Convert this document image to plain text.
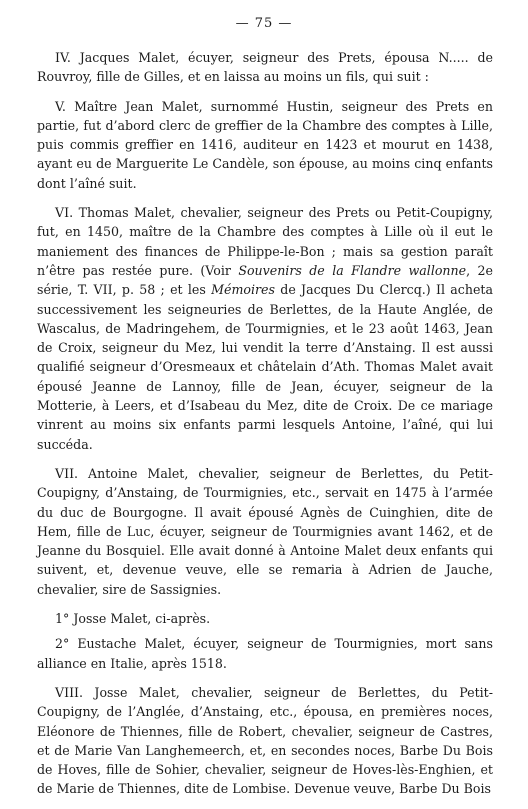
— 75 —

IV. Jacques Malet, écuyer, seigneur des Prets, épousa N..... de Rouvroy, fille de Gilles, et en laissa au moins un fils, qui suit :

V. Maître Jean Malet, surnommé Hustin, seigneur des Prets en partie, fut d’abord clerc de greffier de la Chambre des comptes à Lille, puis commis greffier en 1416, auditeur en 1423 et mourut en 1438, ayant eu de Marguerite Le Candèle, son épouse, au moins cinq enfants dont l’aîné suit.

VI. Thomas Malet, chevalier, seigneur des Prets ou Petit-Coupigny, fut, en 1450, maître de la Chambre des comptes à Lille où il eut le maniement des finances de Philippe-le-Bon ; mais sa gestion paraît n’être pas restée pure. (Voir Souvenirs de la Flandre wallonne, 2e série, T. VII, p. 58 ; et les Mémoires de Jacques Du Clercq.) Il acheta successivement les seigneuries de Berlettes, de la Haute Anglée, de Wascalus, de Madringehem, de Tourmignies, et le 23 août 1463, Jean de Croix, seigneur du Mez, lui vendit la terre d’Anstaing. Il est aussi qualifié seigneur d’Oresmeaux et châtelain d’Ath. Thomas Malet avait épousé Jeanne de Lannoy, fille de Jean, écuyer, seigneur de la Motterie, à Leers, et d’Isabeau du Mez, dite de Croix. De ce mariage vinrent au moins six enfants parmi lesquels Antoine, l’aîné, qui lui succéda.

VII. Antoine Malet, chevalier, seigneur de Berlettes, du Petit-Coupigny, d’Anstaing, de Tourmignies, etc., servait en 1475 à l’armée du duc de Bourgogne. Il avait épousé Agnès de Cuinghien, dite de Hem, fille de Luc, écuyer, seigneur de Tourmignies avant 1462, et de Jeanne du Bosquiel. Elle avait donné à Antoine Malet deux enfants qui suivent, et, devenue veuve, elle se remaria à Adrien de Jauche, chevalier, sire de Sassignies.

1° Josse Malet, ci-après.

2° Eustache Malet, écuyer, seigneur de Tourmignies, mort sans alliance en Italie, après 1518.

VIII. Josse Malet, chevalier, seigneur de Berlettes, du Petit-Coupigny, de l’Anglée, d’Anstaing, etc., épousa, en premières noces, Eléonore de Thiennes, fille de Robert, chevalier, seigneur de Castres, et de Marie Van Langhemeerch, et, en secondes noces, Barbe Du Bois de Hoves, fille de Sohier, chevalier, seigneur de Hoves-lès-Enghien, et de Marie de Thiennes, dite de Lombise. Devenue veuve, Barbe Du Bois
